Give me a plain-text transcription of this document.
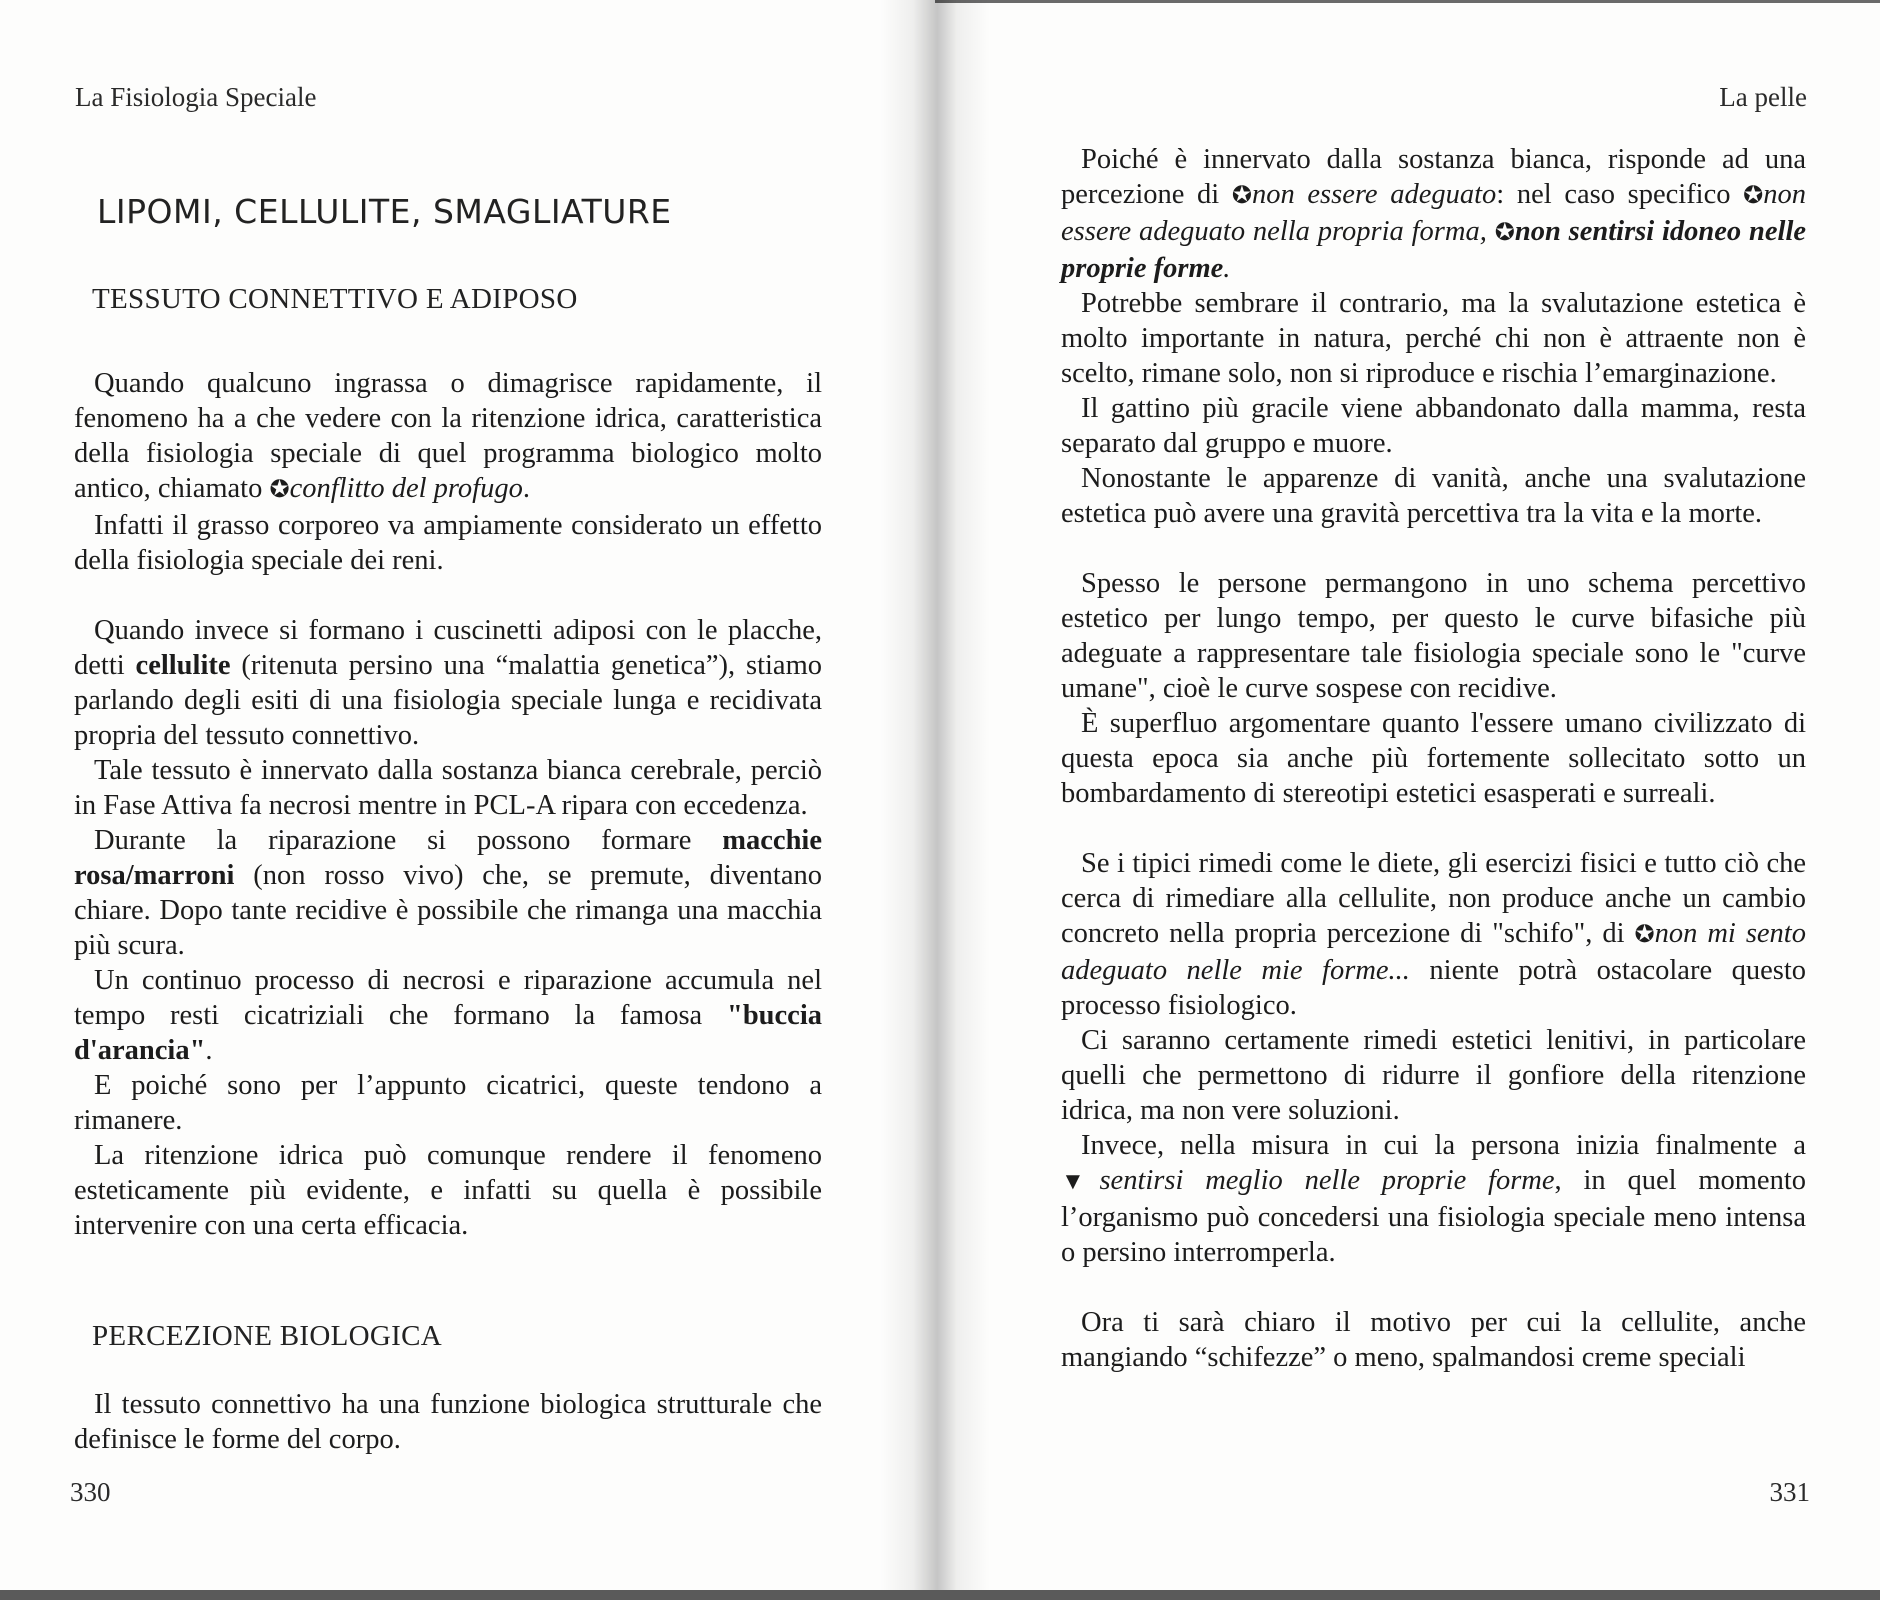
La Fisiologia Speciale
LIPOMI, CELLULITE, SMAGLIATURE
TESSUTO CONNETTIVO E ADIPOSO

Quando qualcuno ingrassa o dimagrisce rapidamente, il fenomeno ha a che vedere con la ritenzione idrica, caratteristica della fisiologia speciale di quel programma biologico molto antico, chiamato ✪conflitto del profugo.

Infatti il grasso corporeo va ampiamente considerato un effetto della fisiologia speciale dei reni.

Quando invece si formano i cuscinetti adiposi con le placche, detti cellulite (ritenuta persino una “malattia genetica”), stiamo parlando degli esiti di una fisiologia speciale lunga e recidivata propria del tessuto connettivo.

Tale tessuto è innervato dalla sostanza bianca cerebrale, perciò in Fase Attiva fa necrosi mentre in PCL-A ripara con eccedenza.

Durante la riparazione si possono formare macchie rosa/marroni (non rosso vivo) che, se premute, diventano chiare. Dopo tante recidive è possibile che rimanga una macchia più scura.

Un continuo processo di necrosi e riparazione accumula nel tempo resti cicatriziali che formano la famosa "buccia d'arancia".

E poiché sono per l’appunto cicatrici, queste tendono a rimanere.

La ritenzione idrica può comunque rendere il fenomeno esteticamente più evidente, e infatti su quella è possibile intervenire con una certa efficacia.

PERCEZIONE BIOLOGICA

Il tessuto connettivo ha una funzione biologica strutturale che definisce le forme del corpo.

330
La pelle

Poiché è innervato dalla sostanza bianca, risponde ad una percezione di ✪non essere adeguato: nel caso specifico ✪non essere adeguato nella propria forma, ✪non sentirsi idoneo nelle proprie forme.

Potrebbe sembrare il contrario, ma la svalutazione estetica è molto importante in natura, perché chi non è attraente non è scelto, rimane solo, non si riproduce e rischia l’emarginazione.

Il gattino più gracile viene abbandonato dalla mamma, resta separato dal gruppo e muore.

Nonostante le apparenze di vanità, anche una svalutazione estetica può avere una gravità percettiva tra la vita e la morte.

Spesso le persone permangono in uno schema percettivo estetico per lungo tempo, per questo le curve bifasiche più adeguate a rappresentare tale fisiologia speciale sono le "curve umane", cioè le curve sospese con recidive.

È superfluo argomentare quanto l'essere umano civilizzato di questa epoca sia anche più fortemente sollecitato sotto un bombardamento di stereotipi estetici esasperati e surreali.

Se i tipici rimedi come le diete, gli esercizi fisici e tutto ciò che cerca di rimediare alla cellulite, non produce anche un cambio concreto nella propria percezione di "schifo", di ✪non mi sento adeguato nelle mie forme... niente potrà ostacolare questo processo fisiologico.

Ci saranno certamente rimedi estetici lenitivi, in particolare quelli che permettono di ridurre il gonfiore della ritenzione idrica, ma non vere soluzioni.

Invece, nella misura in cui la persona inizia finalmente a ▼sentirsi meglio nelle proprie forme, in quel momento l’organismo può concedersi una fisiologia speciale meno intensa o persino interromperla.

Ora ti sarà chiaro il motivo per cui la cellulite, anche mangiando “schifezze” o meno, spalmandosi creme speciali

331
